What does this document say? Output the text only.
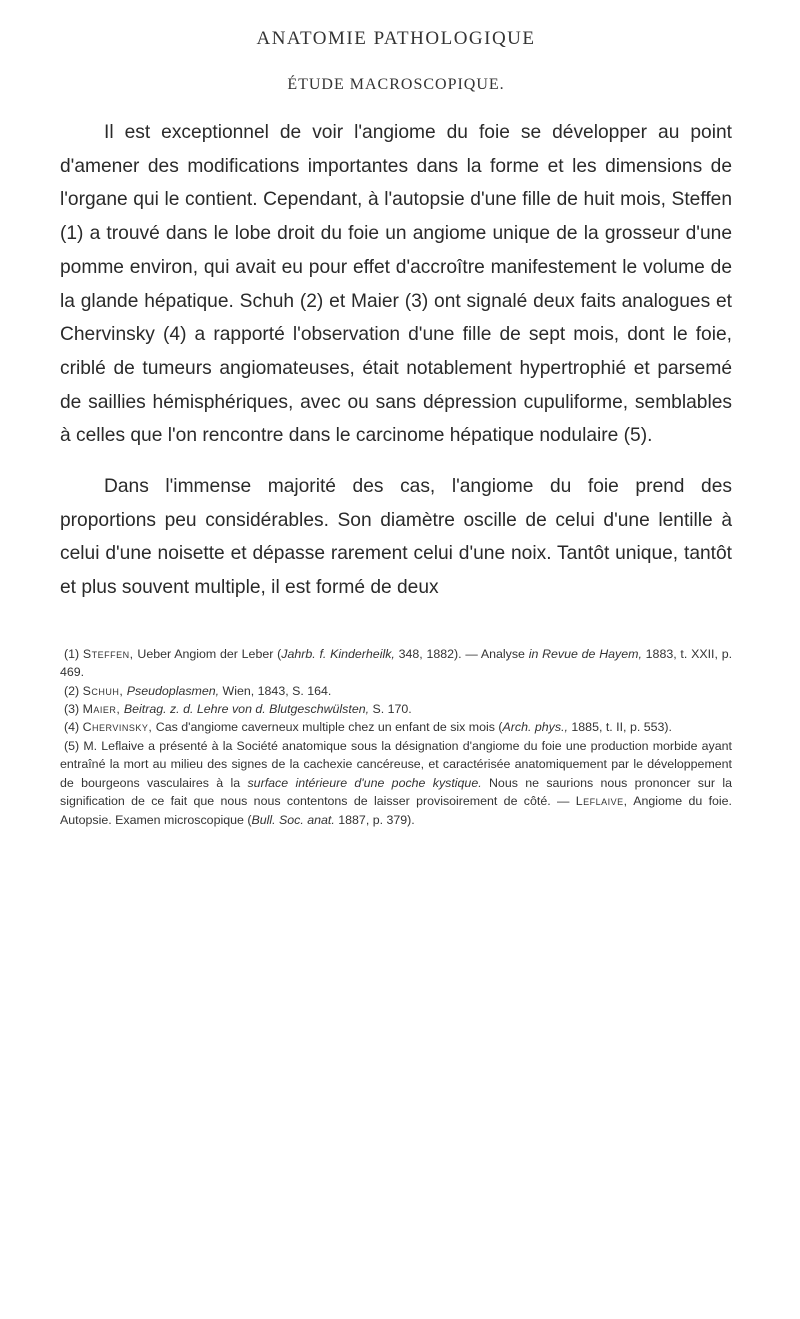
ANATOMIE PATHOLOGIQUE
ÉTUDE MACROSCOPIQUE.

Il est exceptionnel de voir l'angiome du foie se développer au point d'amener des modifications importantes dans la forme et les dimensions de l'organe qui le contient. Cependant, à l'autopsie d'une fille de huit mois, Steffen (1) a trouvé dans le lobe droit du foie un angiome unique de la grosseur d'une pomme environ, qui avait eu pour effet d'accroître manifestement le volume de la glande hépatique. Schuh (2) et Maier (3) ont signalé deux faits analogues et Chervinsky (4) a rapporté l'observation d'une fille de sept mois, dont le foie, criblé de tumeurs angiomateuses, était notablement hypertrophié et parsemé de saillies hémisphériques, avec ou sans dépression cupuliforme, semblables à celles que l'on rencontre dans le carcinome hépatique nodulaire (5).

Dans l'immense majorité des cas, l'angiome du foie prend des proportions peu considérables. Son diamètre oscille de celui d'une lentille à celui d'une noisette et dépasse rarement celui d'une noix. Tantôt unique, tantôt et plus souvent multiple, il est formé de deux

(1) Steffen, Ueber Angiom der Leber (Jahrb. f. Kinderheilk, 348, 1882). — Analyse in Revue de Hayem, 1883, t. XXII, p. 469.

(2) Schuh, Pseudoplasmen, Wien, 1843, S. 164.

(3) Maier, Beitrag. z. d. Lehre von d. Blutgeschwülsten, S. 170.

(4) Chervinsky, Cas d'angiome caverneux multiple chez un enfant de six mois (Arch. phys., 1885, t. II, p. 553).

(5) M. Leflaive a présenté à la Société anatomique sous la désignation d'angiome du foie une production morbide ayant entraîné la mort au milieu des signes de la cachexie cancéreuse, et caractérisée anatomiquement par le développement de bourgeons vasculaires à la surface intérieure d'une poche kystique. Nous ne saurions nous prononcer sur la signification de ce fait que nous nous contentons de laisser provisoirement de côté. — Leflaive, Angiome du foie. Autopsie. Examen microscopique (Bull. Soc. anat. 1887, p. 379).
